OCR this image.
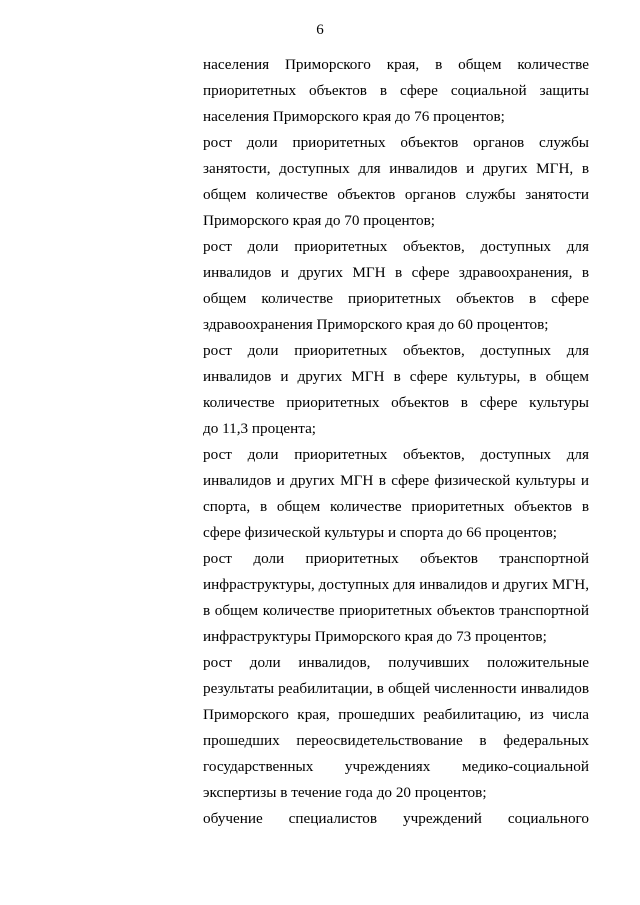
6
населения Приморского края, в общем количестве
приоритетных объектов в сфере социальной защиты
населения Приморского края до 76 процентов;
рост доли приоритетных объектов органов службы
занятости, доступных для инвалидов и других МГН, в
общем количестве объектов органов службы занятости
Приморского края до 70 процентов;
рост доли приоритетных объектов, доступных для
инвалидов и других МГН в сфере здравоохранения, в
общем количестве приоритетных объектов в сфере
здравоохранения Приморского края до 60 процентов;
рост доли приоритетных объектов, доступных для
инвалидов и других МГН в сфере культуры, в общем
количестве приоритетных объектов в сфере культуры
до 11,3 процента;
рост доли приоритетных объектов, доступных для
инвалидов и других МГН в сфере физической культуры и
спорта, в общем количестве приоритетных объектов в
сфере физической культуры и спорта до 66 процентов;
рост доли приоритетных объектов транспортной
инфраструктуры, доступных для инвалидов и других МГН,
в общем количестве приоритетных объектов транспортной
инфраструктуры Приморского края до 73 процентов;
рост доли инвалидов, получивших положительные
результаты реабилитации, в общей численности инвалидов
Приморского края, прошедших реабилитацию, из числа
прошедших переосвидетельствование в федеральных
государственных учреждениях медико-социальной
экспертизы в течение года до 20 процентов;
обучение специалистов учреждений социального
